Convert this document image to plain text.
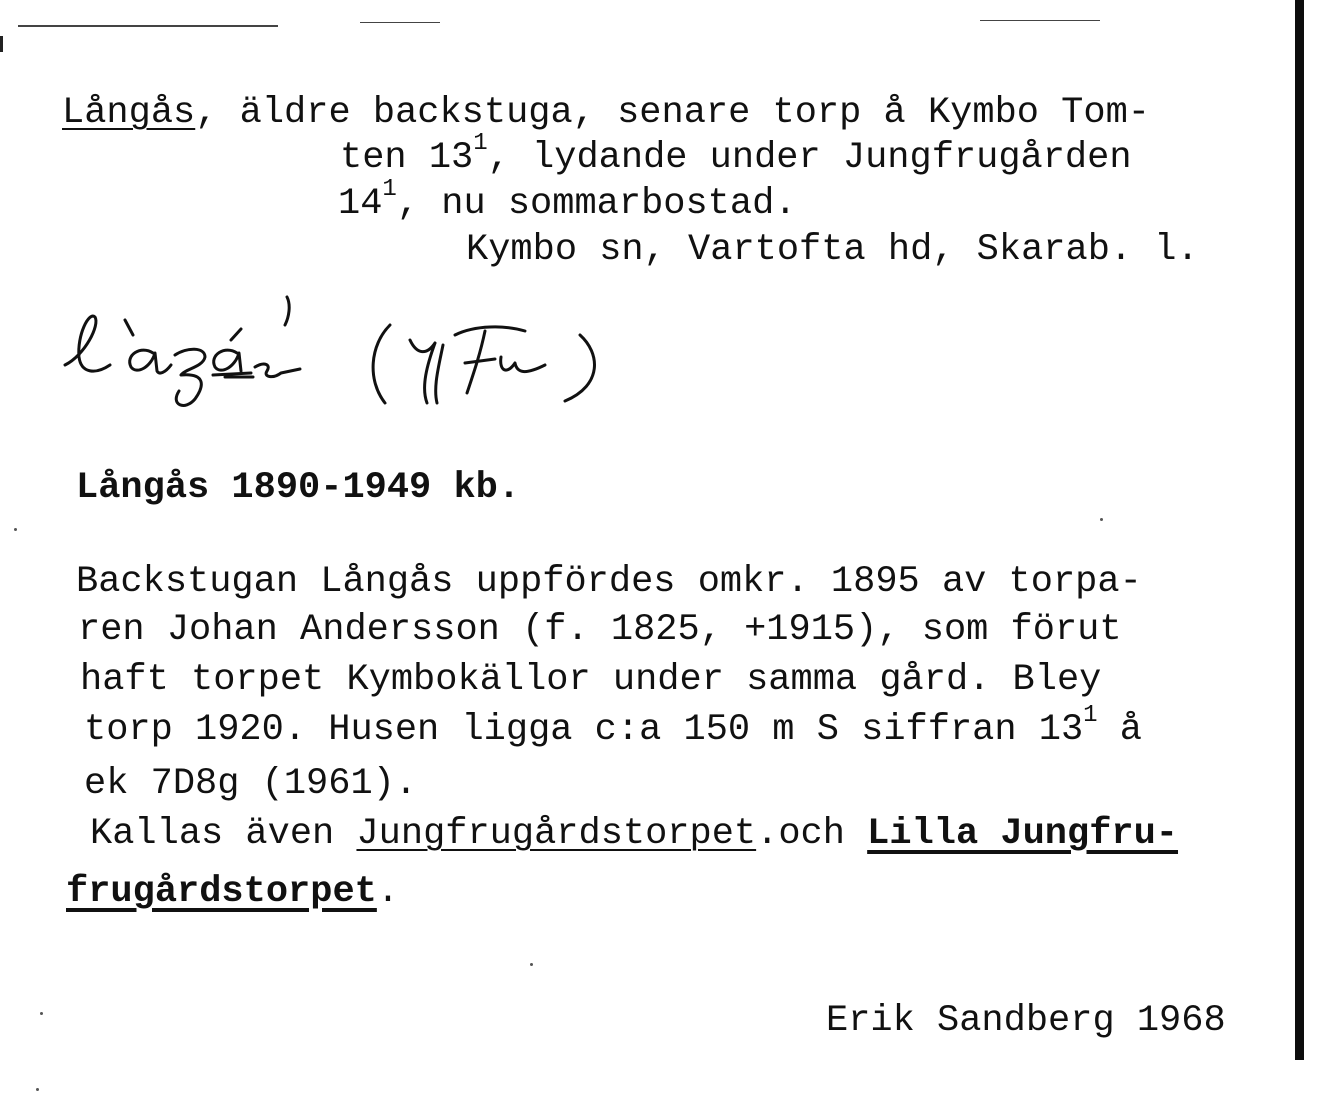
Långås, äldre backstuga, senare torp å Kymbo Tom-

ten $13^1$, lydande under Jungfrugården

$14^1$, nu sommarbostad.

Kymbo sn, Vartofta hd, Skarab. l.

Långås 1890-1949 kb.

Backstugan Långås uppfördes omkr. 1895 av torpa-

ren Johan Andersson (f. 1825, +1915), som förut

haft torpet Kymbokällor under samma gård. Bley

torp 1920. Husen ligga c:a 150 m S siffran $13^1$ å

ek 7D8g (1961).

Kallas även Jungfrugårdstorpet.och Lilla Jungfru-

frugårdstorpet.

Erik Sandberg 1968
